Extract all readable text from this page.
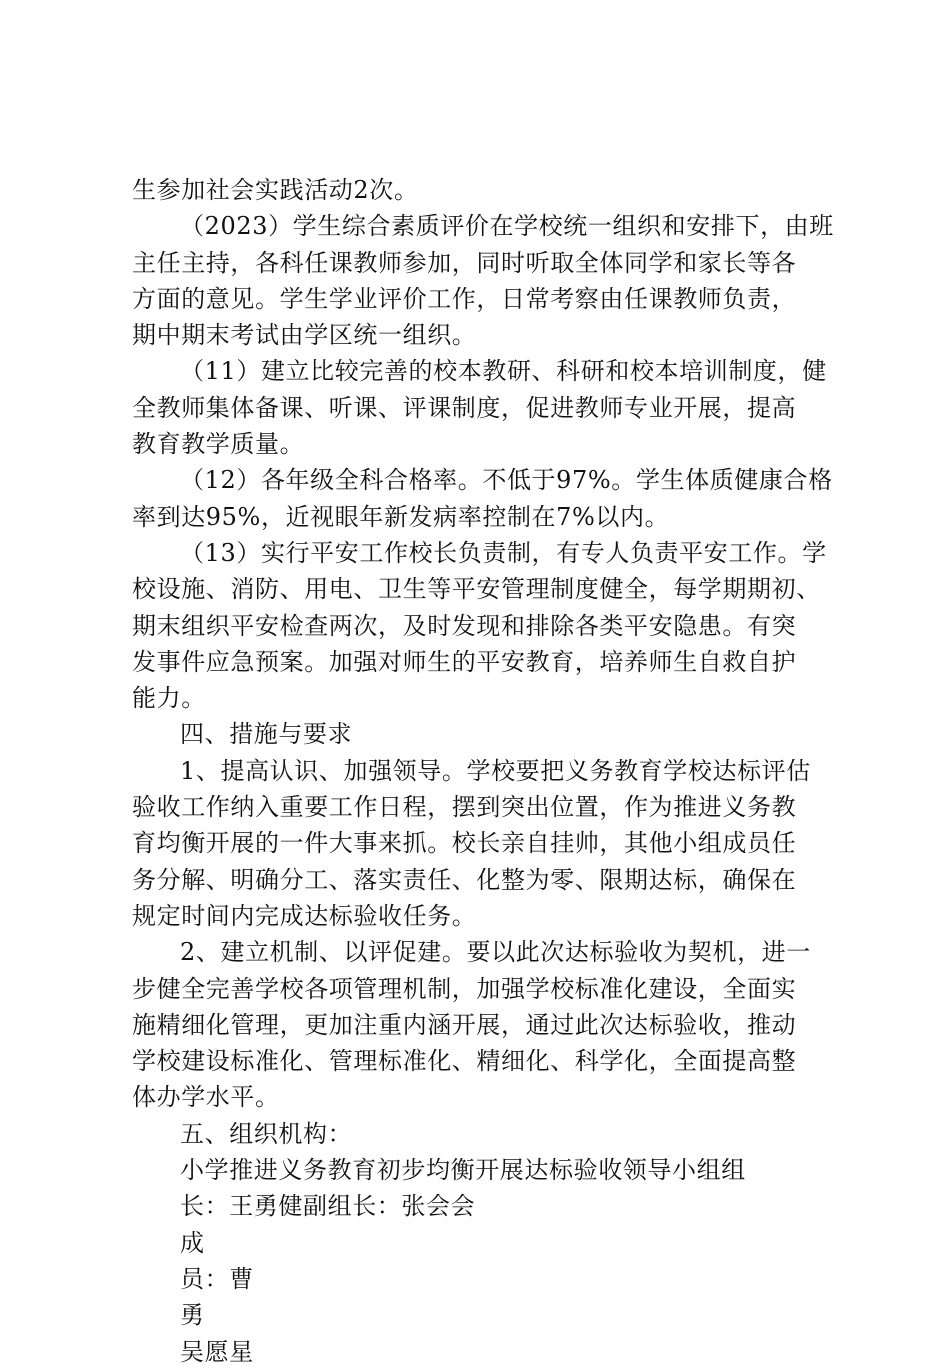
生参加社会实践活动2次。
（2023）学生综合素质评价在学校统一组织和安排下，由班
主任主持，各科任课教师参加，同时听取全体同学和家长等各
方面的意见。学生学业评价工作，日常考察由任课教师负责，
期中期末考试由学区统一组织。
（11）建立比较完善的校本教研、科研和校本培训制度，健
全教师集体备课、听课、评课制度，促进教师专业开展，提高
教育教学质量。
（12）各年级全科合格率。不低于97%。学生体质健康合格
率到达95%，近视眼年新发病率控制在7%以内。
（13）实行平安工作校长负责制，有专人负责平安工作。学
校设施、消防、用电、卫生等平安管理制度健全，每学期期初、
期末组织平安检查两次，及时发现和排除各类平安隐患。有突
发事件应急预案。加强对师生的平安教育，培养师生自救自护
能力。
四、措施与要求
1、提高认识、加强领导。学校要把义务教育学校达标评估
验收工作纳入重要工作日程，摆到突出位置，作为推进义务教
育均衡开展的一件大事来抓。校长亲自挂帅，其他小组成员任
务分解、明确分工、落实责任、化整为零、限期达标，确保在
规定时间内完成达标验收任务。
2、建立机制、以评促建。要以此次达标验收为契机，进一
步健全完善学校各项管理机制，加强学校标准化建设，全面实
施精细化管理，更加注重内涵开展，通过此次达标验收，推动
学校建设标准化、管理标准化、精细化、科学化，全面提高整
体办学水平。
五、组织机构：
小学推进义务教育初步均衡开展达标验收领导小组组
长：王勇健副组长：张会会
成
员：曹
勇
吴愿星
